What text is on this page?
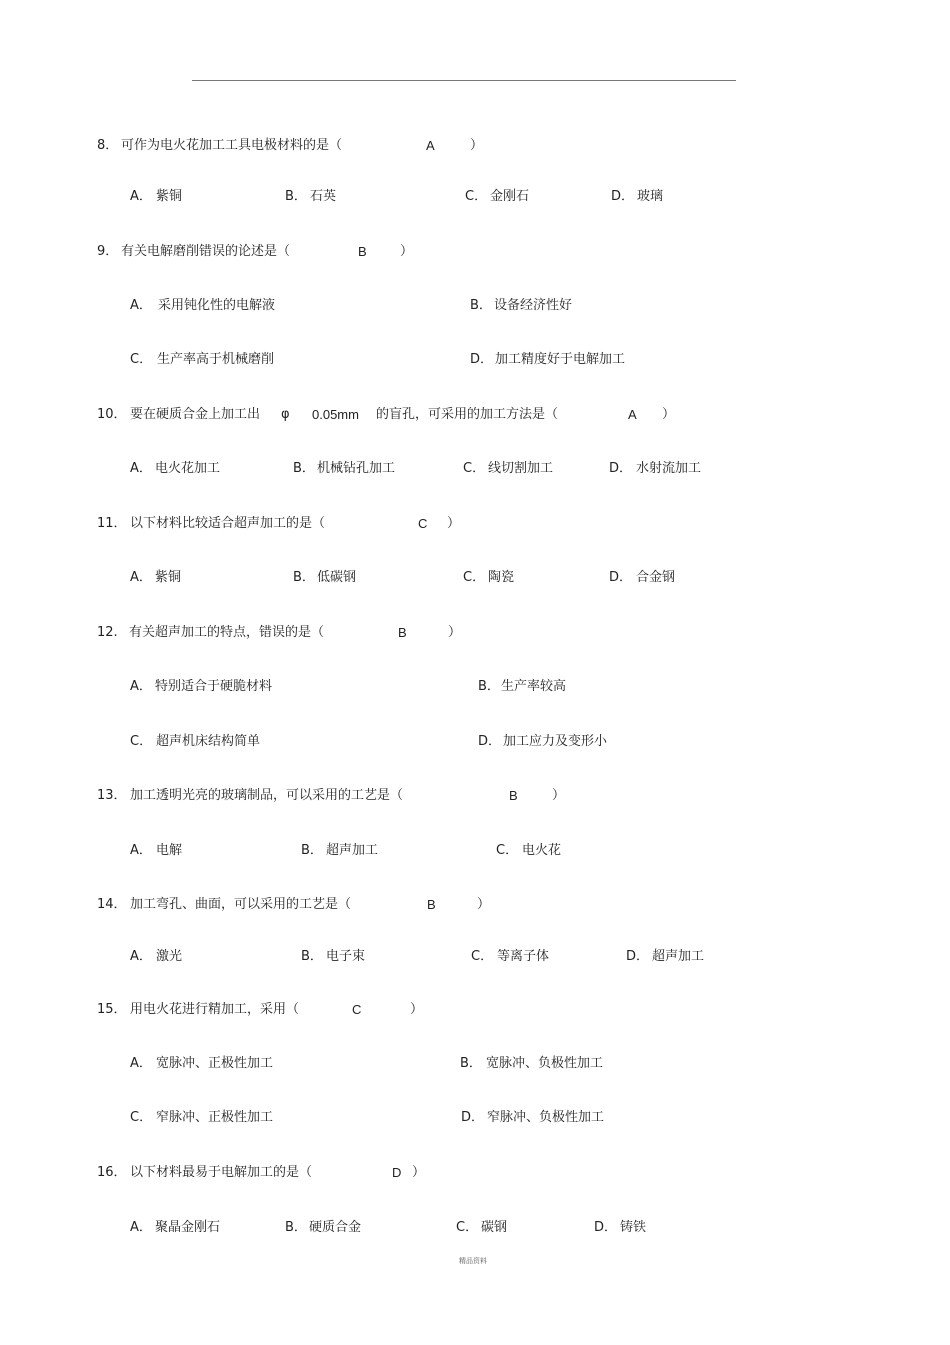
8． 可作为电火花加工工具电极材料的是（	A	）
A． 紫铜	B． 石英	C． 金刚石	D． 玻璃
9． 有关电解磨削错误的论述是（	B	）
A． 采用钝化性的电解液	B． 设备经济性好
C． 生产率高于机械磨削	D． 加工精度好于电解加工
10． 要在硬质合金上加工出 φ 0.05mm 的盲孔，可采用的加工方法是（	A ）
A． 电火花加工	B． 机械钻孔加工	C． 线切割加工	D． 水射流加工
11． 以下材料比较适合超声加工的是（	C ）
A． 紫铜	B． 低碳钢	C． 陶瓷	D． 合金钢
12. 有关超声加工的特点，错误的是（	B	）
A． 特别适合于硬脆材料	B． 生产率较高
C． 超声机床结构简单	D． 加工应力及变形小
13． 加工透明光亮的玻璃制品，可以采用的工艺是（	B	）
A． 电解	B． 超声加工	C． 电火花
14． 加工弯孔、曲面，可以采用的工艺是（	B	）
A． 激光	B． 电子束	C． 等离子体	D． 超声加工
15． 用电火花进行精加工，采用（	C	）
A． 宽脉冲、正极性加工	B． 宽脉冲、负极性加工
C． 窄脉冲、正极性加工	D． 窄脉冲、负极性加工
16． 以下材料最易于电解加工的是（	D ）
A． 聚晶金刚石	B． 硬质合金	C． 碳钢	D． 铸铁
精品资料
